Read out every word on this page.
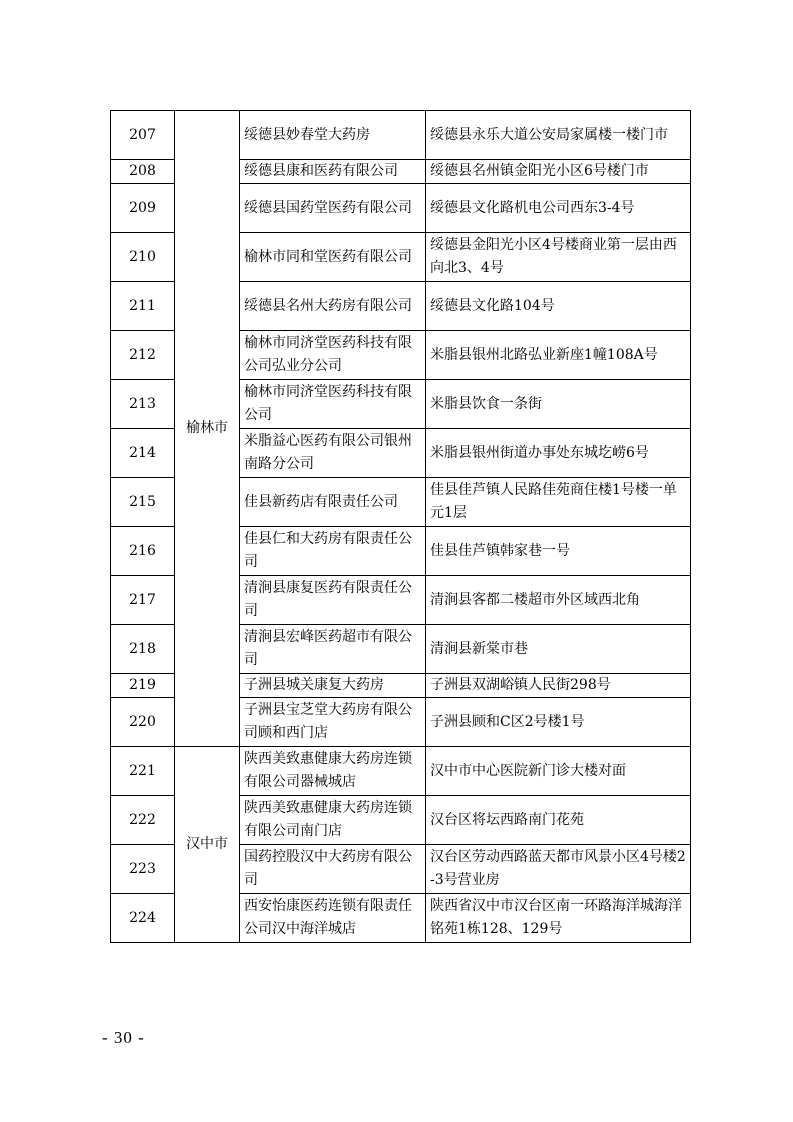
207	榆林市	绥德县妙春堂大药房	绥德县永乐大道公安局家属楼一楼门市
208		绥德县康和医药有限公司	绥德县名州镇金阳光小区6号楼门市
209		绥德县国药堂医药有限公司	绥德县文化路机电公司西东3-4号
210		榆林市同和堂医药有限公司	绥德县金阳光小区4号楼商业第一层由西向北3、4号
211		绥德县名州大药房有限公司	绥德县文化路104号
212		榆林市同济堂医药科技有限公司弘业分公司	米脂县银州北路弘业新座1幢108A号
213		榆林市同济堂医药科技有限公司	米脂县饮食一条街
214		米脂益心医药有限公司银州南路分公司	米脂县银州街道办事处东城圪崂6号
215		佳县新药店有限责任公司	佳县佳芦镇人民路佳苑商住楼1号楼一单元1层
216		佳县仁和大药房有限责任公司	佳县佳芦镇韩家巷一号
217		清涧县康复医药有限责任公司	清涧县客都二楼超市外区域西北角
218		清涧县宏峰医药超市有限公司	清涧县新棠市巷
219		子洲县城关康复大药房	子洲县双湖峪镇人民街298号
220		子洲县宝芝堂大药房有限公司顾和西门店	子洲县顾和C区2号楼1号
221	汉中市	陕西美致惠健康大药房连锁有限公司器械城店	汉中市中心医院新门诊大楼对面
222		陕西美致惠健康大药房连锁有限公司南门店	汉台区将坛西路南门花苑
223		国药控股汉中大药房有限公司	汉台区劳动西路蓝天都市风景小区4号楼2-3号营业房
224		西安怡康医药连锁有限责任公司汉中海洋城店	陕西省汉中市汉台区南一环路海洋城海洋铭苑1栋128、129号
- 30 -
